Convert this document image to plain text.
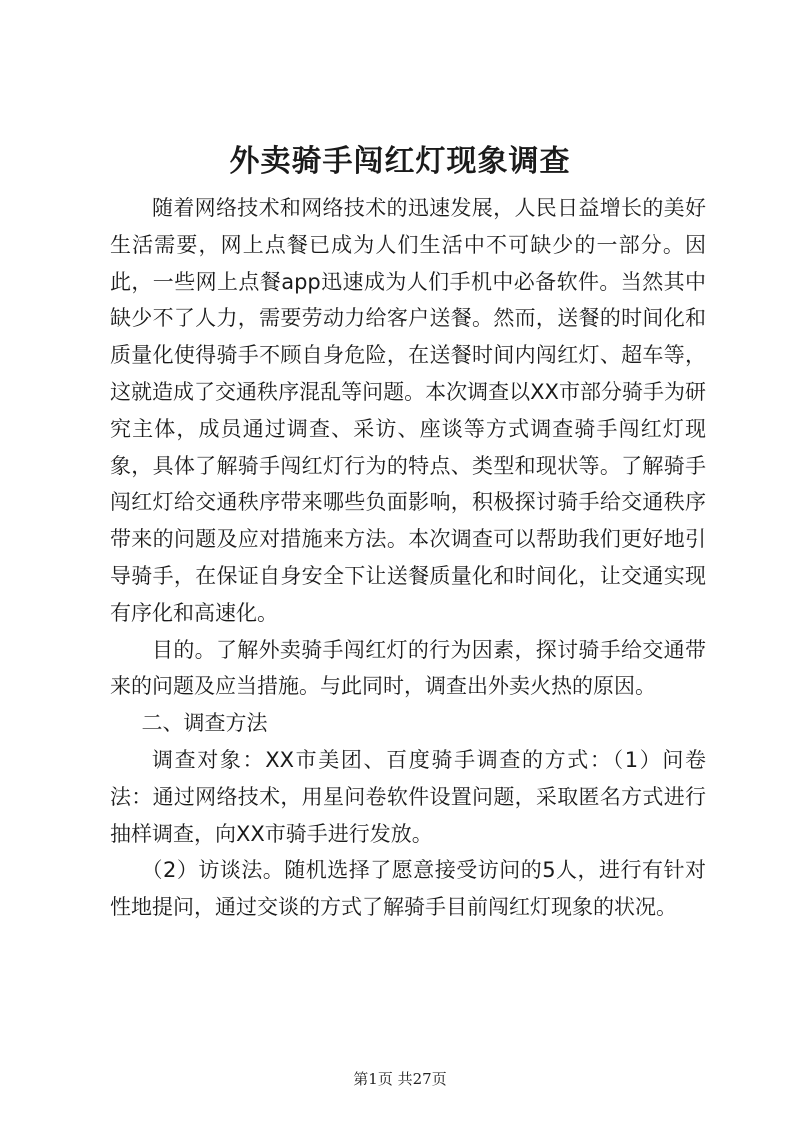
外卖骑手闯红灯现象调查

随着网络技术和网络技术的迅速发展，人民日益增长的美好生活需要，网上点餐已成为人们生活中不可缺少的一部分。因此，一些网上点餐app迅速成为人们手机中必备软件。当然其中缺少不了人力，需要劳动力给客户送餐。然而，送餐的时间化和质量化使得骑手不顾自身危险，在送餐时间内闯红灯、超车等，这就造成了交通秩序混乱等问题。本次调查以XX市部分骑手为研究主体，成员通过调查、采访、座谈等方式调查骑手闯红灯现象，具体了解骑手闯红灯行为的特点、类型和现状等。了解骑手闯红灯给交通秩序带来哪些负面影响，积极探讨骑手给交通秩序带来的问题及应对措施来方法。本次调查可以帮助我们更好地引导骑手，在保证自身安全下让送餐质量化和时间化，让交通实现有序化和高速化。

目的。了解外卖骑手闯红灯的行为因素，探讨骑手给交通带来的问题及应当措施。与此同时，调查出外卖火热的原因。

二、调查方法

调查对象：XX市美团、百度骑手调查的方式：（1）问卷法：通过网络技术，用星问卷软件设置问题，采取匿名方式进行抽样调查，向XX市骑手进行发放。

（2）访谈法。随机选择了愿意接受访问的5人，进行有针对性地提问，通过交谈的方式了解骑手目前闯红灯现象的状况。

第1页 共27页
